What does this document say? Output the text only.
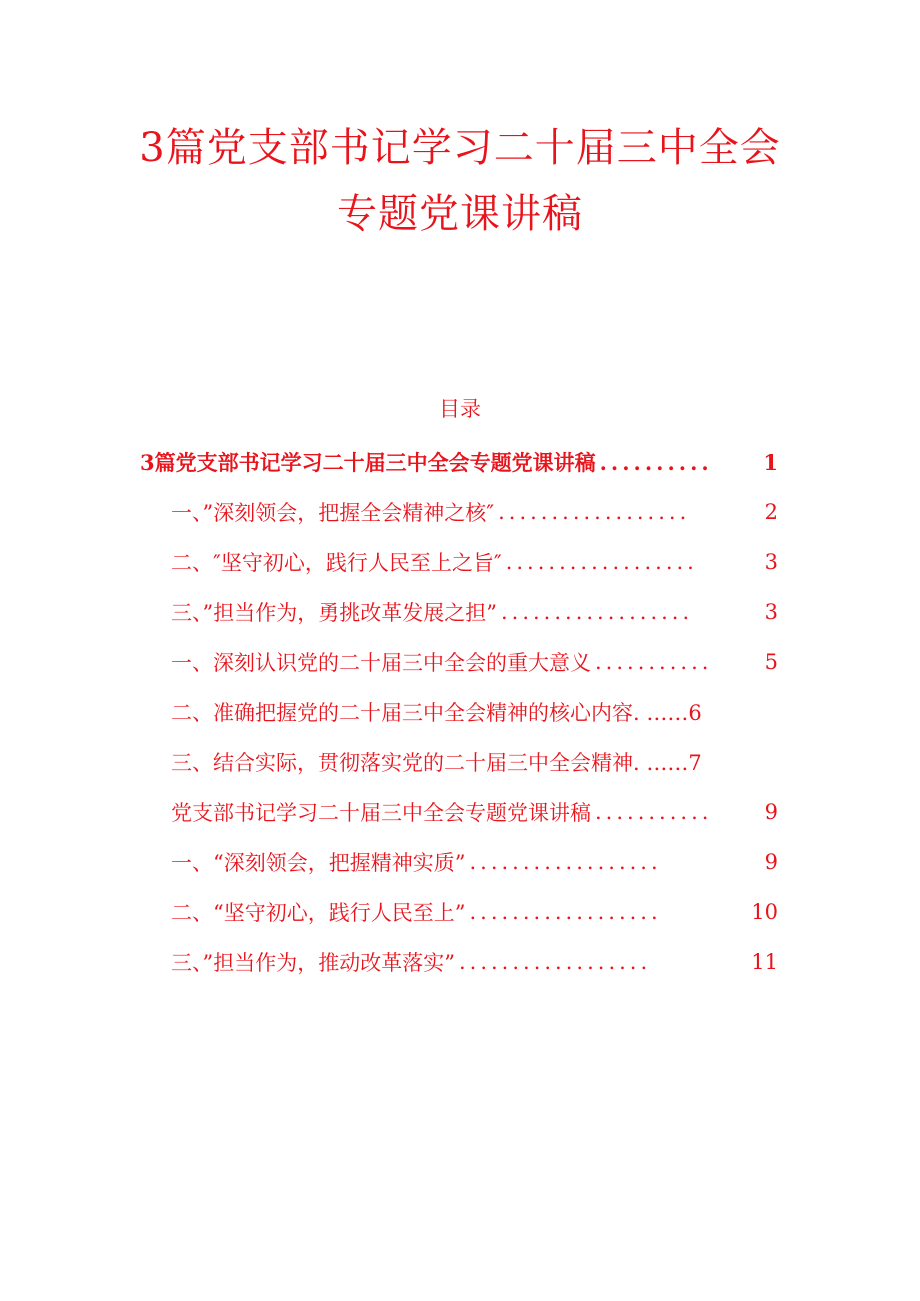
3篇党支部书记学习二十届三中全会
专题党课讲稿
目录
3篇党支部书记学习二十届三中全会专题党课讲稿 ..........	1
一、”深刻领会，把握全会精神之核″ ..................	2
二、″坚守初心，践行人民至上之旨″ ..................	3
三、”担当作为，勇挑改革发展之担” ..................	3
一、深刻认识党的二十届三中全会的重大意义 ...........	5
二、准确把握党的二十届三中全会精神的核心内容. ……6
三、结合实际，贯彻落实党的二十届三中全会精神. ……7
党支部书记学习二十届三中全会专题党课讲稿 ...........	9
一、“深刻领会，把握精神实质” ..................	9
二、“坚守初心，践行人民至上” ..................	10
三、”担当作为，推动改革落实” ..................	11
